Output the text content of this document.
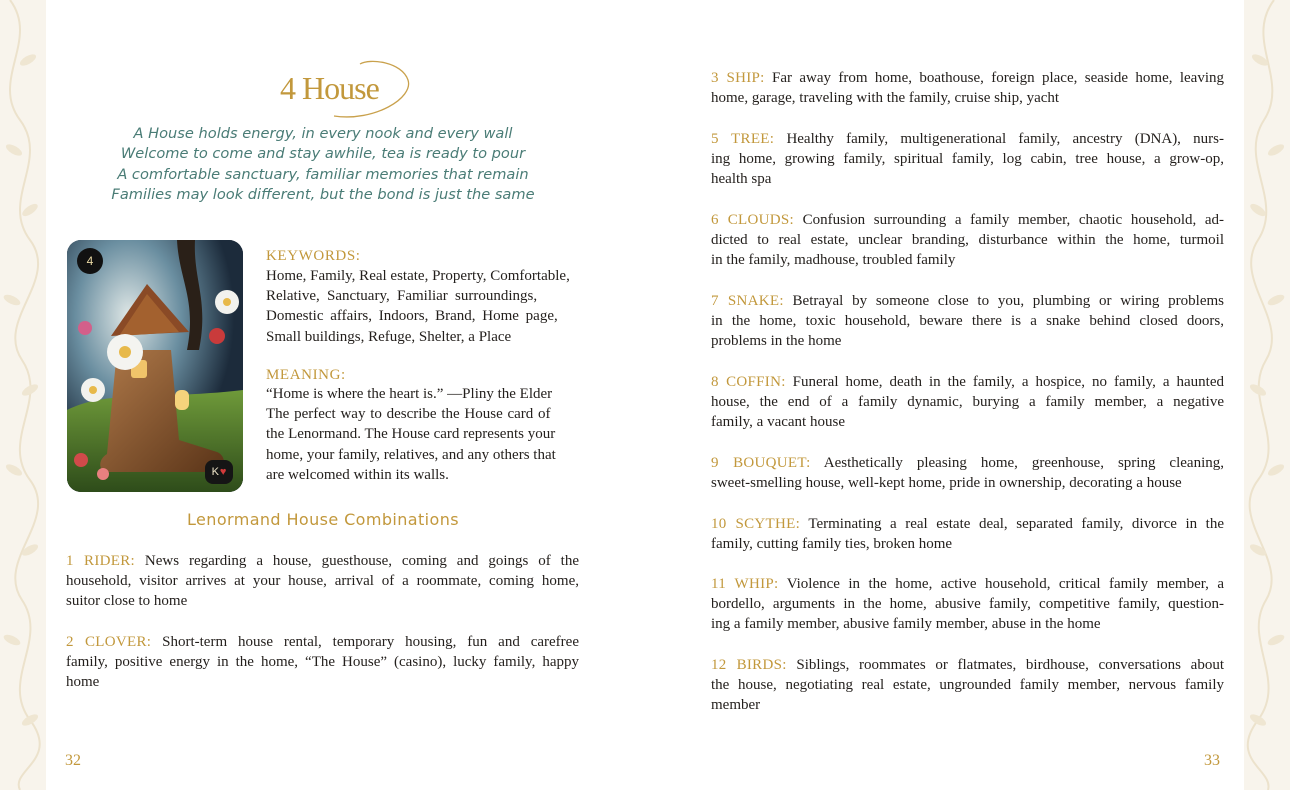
4 House
A House holds energy, in every nook and every wall
Welcome to come and stay awhile, tea is ready to pour
A comfortable sanctuary, familiar memories that remain
Families may look different, but the bond is just the same
4
K ♥
KEYWORDS:
Home, Family, Real estate, Property, Comfortable,
Relative, Sanctuary, Familiar surroundings,
Domestic affairs, Indoors, Brand, Home page,
Small buildings, Refuge, Shelter, a Place
MEANING:
“Home is where the heart is.” —Pliny the Elder
The perfect way to describe the House card of
the Lenormand. The House card represents your
home, your family, relatives, and any others that
are welcomed within its walls.
Lenormand House Combinations
1 RIDER: News regarding a house, guesthouse, coming and goings of the
household, visitor arrives at your house, arrival of a roommate, coming home,
suitor close to home
2 CLOVER: Short-term house rental, temporary housing, fun and carefree
family, positive energy in the home, “The House” (casino), lucky family, happy
home
32
3 SHIP: Far away from home, boathouse, foreign place, seaside home, leaving
home, garage, traveling with the family, cruise ship, yacht
5 TREE: Healthy family, multigenerational family, ancestry (DNA), nurs-
ing home, growing family, spiritual family, log cabin, tree house, a grow-op,
health spa
6 CLOUDS: Confusion surrounding a family member, chaotic household, ad-
dicted to real estate, unclear branding, disturbance within the home, turmoil
in the family, madhouse, troubled family
7 SNAKE: Betrayal by someone close to you, plumbing or wiring problems
in the home, toxic household, beware there is a snake behind closed doors,
problems in the home
8 COFFIN: Funeral home, death in the family, a hospice, no family, a haunted
house, the end of a family dynamic, burying a family member, a negative
family, a vacant house
9 BOUQUET: Aesthetically pleasing home, greenhouse, spring cleaning,
sweet-smelling house, well-kept home, pride in ownership, decorating a house
10 SCYTHE: Terminating a real estate deal, separated family, divorce in the
family, cutting family ties, broken home
11 WHIP: Violence in the home, active household, critical family member, a
bordello, arguments in the home, abusive family, competitive family, question-
ing a family member, abusive family member, abuse in the home
12 BIRDS: Siblings, roommates or flatmates, birdhouse, conversations about
the house, negotiating real estate, ungrounded family member, nervous family
member
33
